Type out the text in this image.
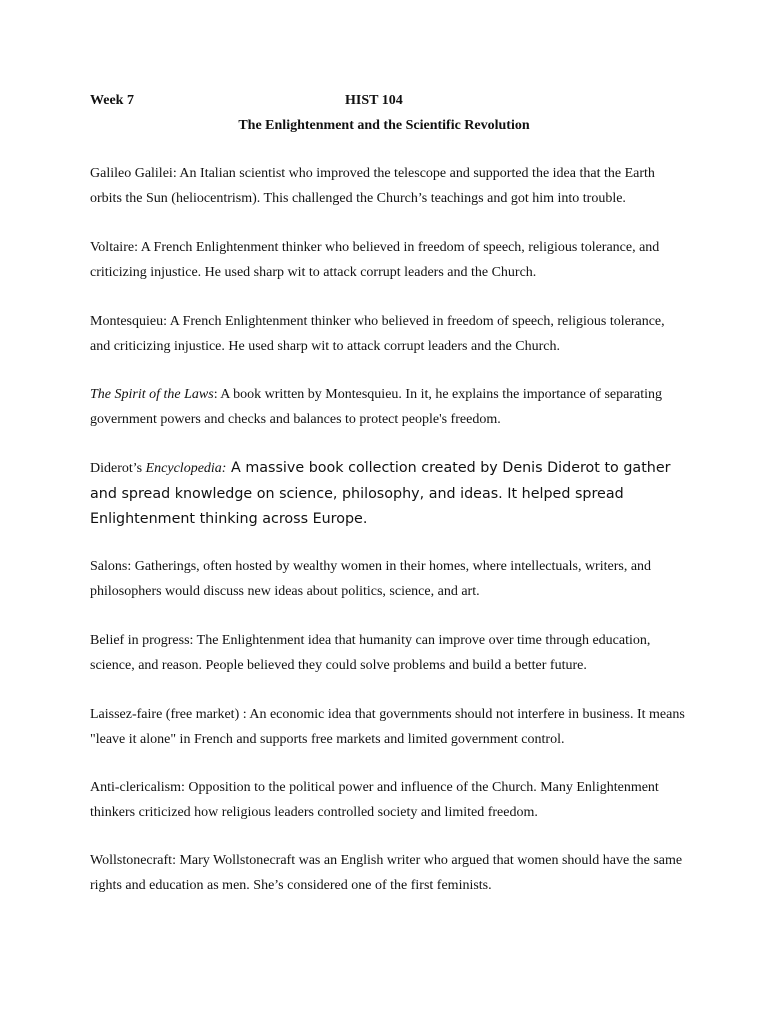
Week 7	HIST 104
The Enlightenment and the Scientific Revolution

Galileo Galilei: An Italian scientist who improved the telescope and supported the idea that the Earth orbits the Sun (heliocentrism). This challenged the Church’s teachings and got him into trouble.

Voltaire: A French Enlightenment thinker who believed in freedom of speech, religious tolerance, and criticizing injustice. He used sharp wit to attack corrupt leaders and the Church.

Montesquieu: A French Enlightenment thinker who believed in freedom of speech, religious tolerance, and criticizing injustice. He used sharp wit to attack corrupt leaders and the Church.

The Spirit of the Laws: A book written by Montesquieu. In it, he explains the importance of separating government powers and checks and balances to protect people's freedom.

Diderot’s Encyclopedia: A massive book collection created by Denis Diderot to gather and spread knowledge on science, philosophy, and ideas. It helped spread Enlightenment thinking across Europe.

Salons: Gatherings, often hosted by wealthy women in their homes, where intellectuals, writers, and philosophers would discuss new ideas about politics, science, and art.

Belief in progress: The Enlightenment idea that humanity can improve over time through education, science, and reason. People believed they could solve problems and build a better future.

Laissez-faire (free market) : An economic idea that governments should not interfere in business. It means "leave it alone" in French and supports free markets and limited government control.

Anti-clericalism: Opposition to the political power and influence of the Church. Many Enlightenment thinkers criticized how religious leaders controlled society and limited freedom.

Wollstonecraft: Mary Wollstonecraft was an English writer who argued that women should have the same rights and education as men. She’s considered one of the first feminists.
